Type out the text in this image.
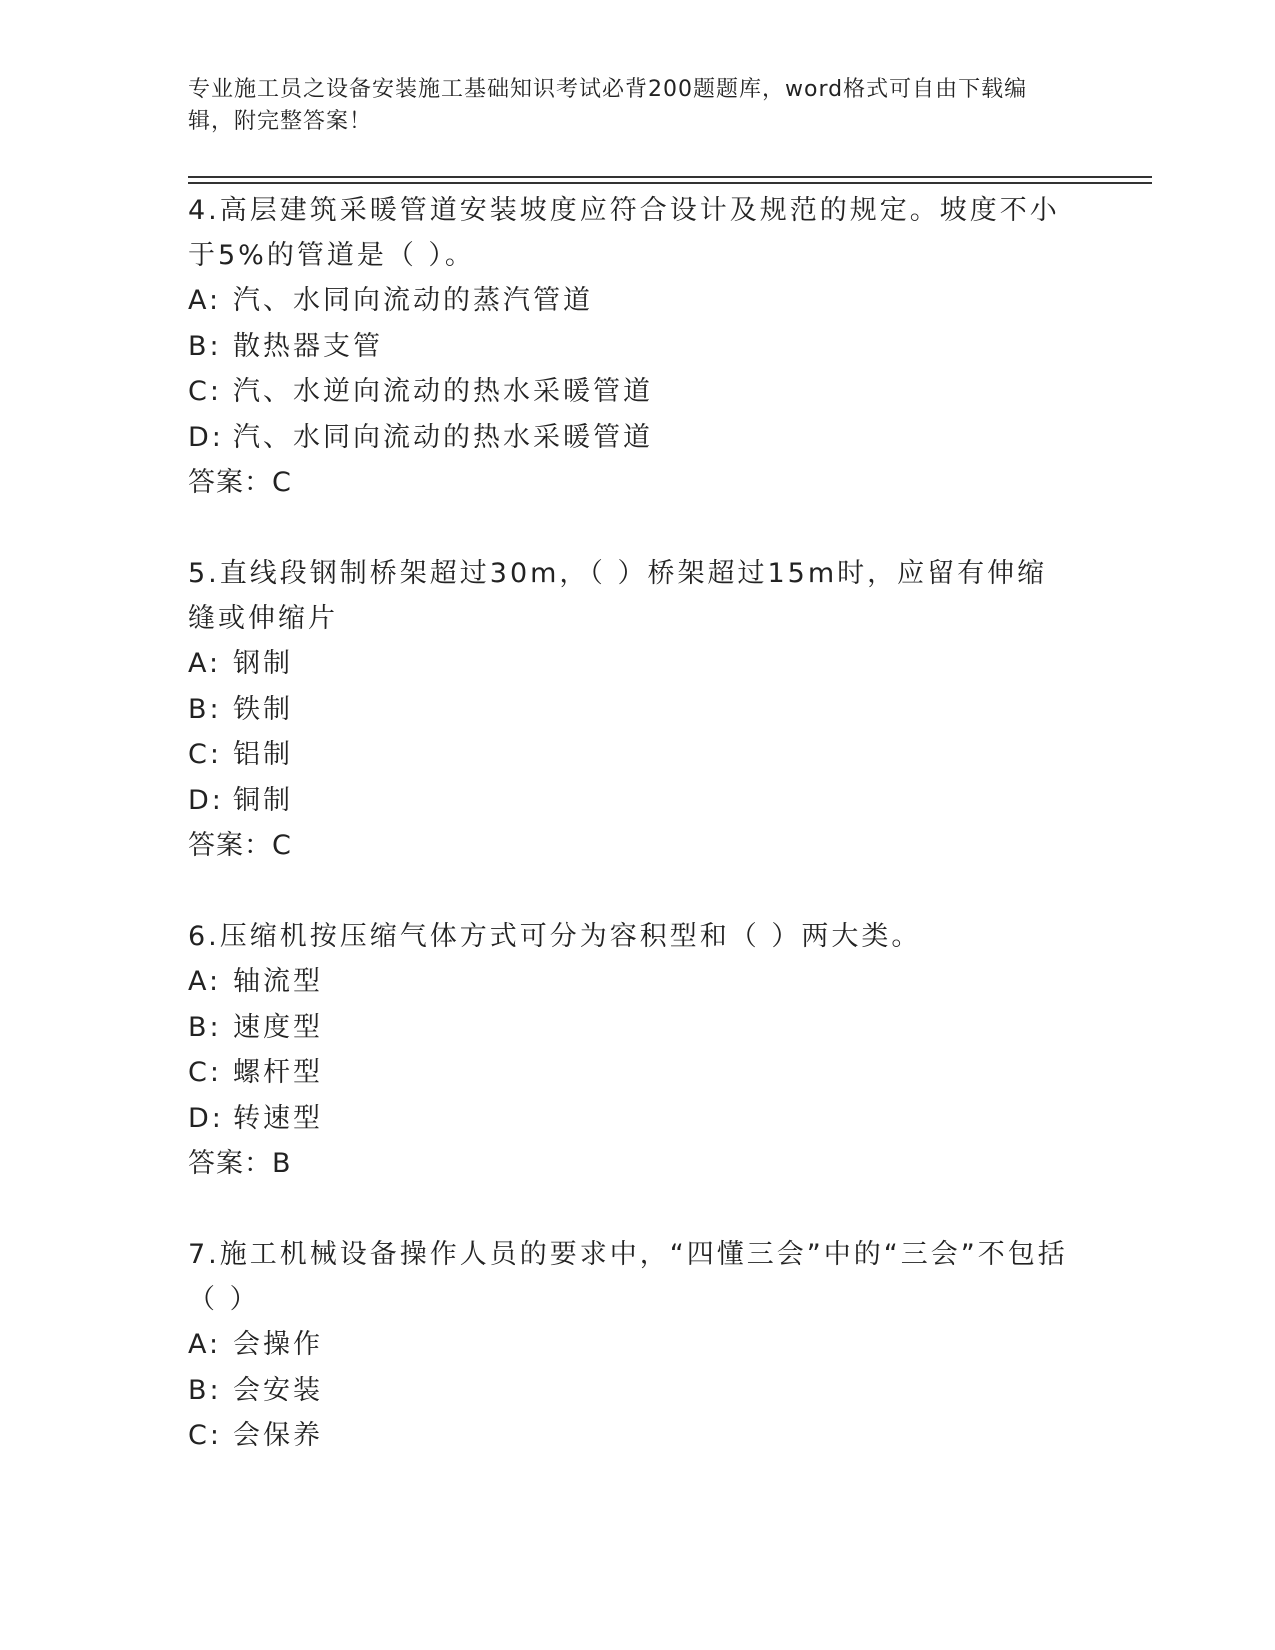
专业施工员之设备安装施工基础知识考试必背200题题库，word格式可自由下载编辑，附完整答案！

4.高层建筑采暖管道安装坡度应符合设计及规范的规定。坡度不小于5%的管道是（ ）。

A: 汽、水同向流动的蒸汽管道

B: 散热器支管

C: 汽、水逆向流动的热水采暖管道

D: 汽、水同向流动的热水采暖管道

答案：C

5.直线段钢制桥架超过30m，（ ）桥架超过15m时，应留有伸缩缝或伸缩片

A: 钢制

B: 铁制

C: 铝制

D: 铜制

答案：C

6.压缩机按压缩气体方式可分为容积型和（ ）两大类。

A: 轴流型

B: 速度型

C: 螺杆型

D: 转速型

答案：B

7.施工机械设备操作人员的要求中，“四懂三会”中的“三会”不包括（ ）

A: 会操作

B: 会安装

C: 会保养
